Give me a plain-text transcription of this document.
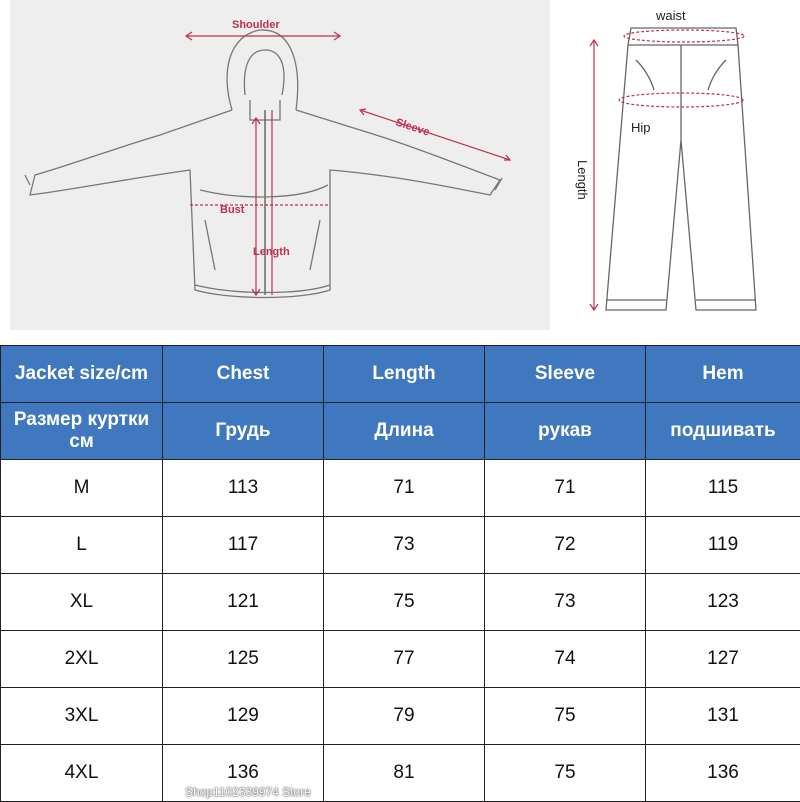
Shoulder
Sleeve
Bust
Length
waist
Hip
Length
Jacket size/cm	Chest	Length	Sleeve	Hem
Размер куртки см	Грудь	Длина	рукав	подшивать
M	113	71	71	115
L	117	73	72	119
XL	121	75	73	123
2XL	125	77	74	127
3XL	129	79	75	131
4XL	136	81	75	136
Shop1102339974 Store
